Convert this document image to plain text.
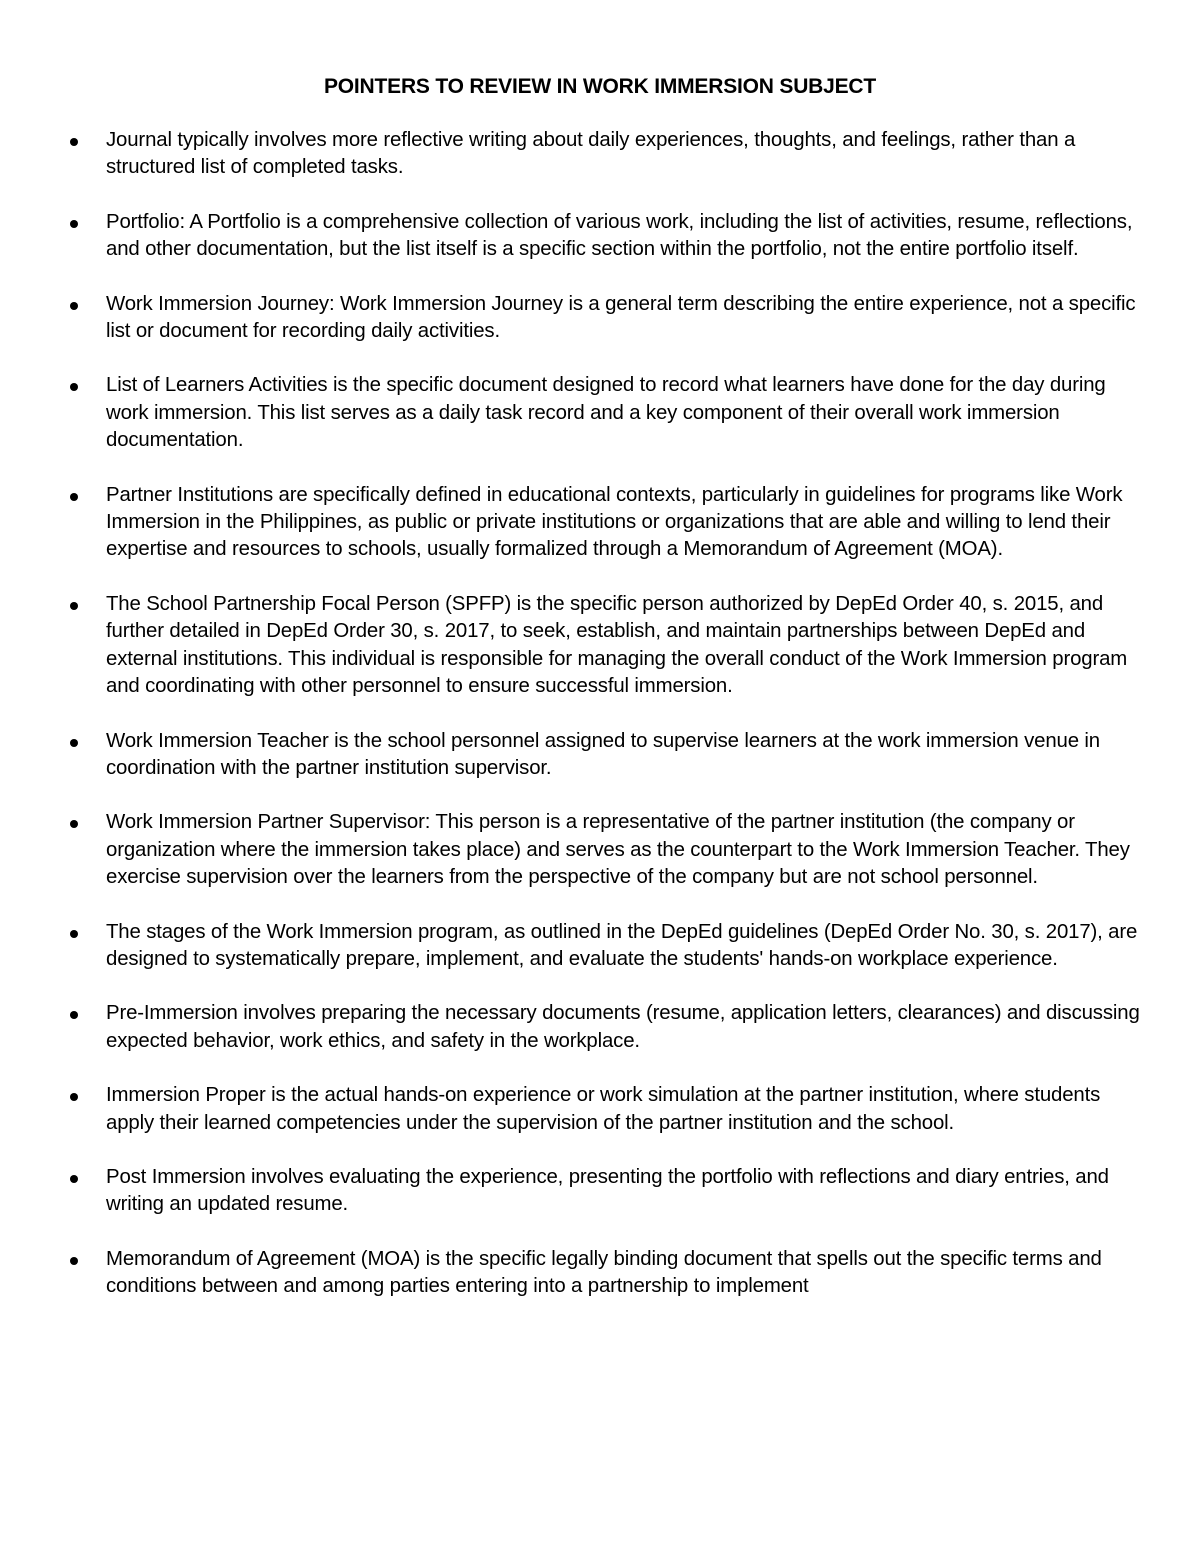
POINTERS TO REVIEW IN WORK IMMERSION SUBJECT
Journal typically involves more reflective writing about daily experiences, thoughts, and feelings, rather than a structured list of completed tasks.
Portfolio: A Portfolio is a comprehensive collection of various work, including the list of activities, resume, reflections, and other documentation, but the list itself is a specific section within the portfolio, not the entire portfolio itself.
Work Immersion Journey: Work Immersion Journey is a general term describing the entire experience, not a specific list or document for recording daily activities.
List of Learners Activities is the specific document designed to record what learners have done for the day during work immersion. This list serves as a daily task record and a key component of their overall work immersion documentation.
Partner Institutions are specifically defined in educational contexts, particularly in guidelines for programs like Work Immersion in the Philippines, as public or private institutions or organizations that are able and willing to lend their expertise and resources to schools, usually formalized through a Memorandum of Agreement (MOA).
The School Partnership Focal Person (SPFP) is the specific person authorized by DepEd Order 40, s. 2015, and further detailed in DepEd Order 30, s. 2017, to seek, establish, and maintain partnerships between DepEd and external institutions. This individual is responsible for managing the overall conduct of the Work Immersion program and coordinating with other personnel to ensure successful immersion.
Work Immersion Teacher is the school personnel assigned to supervise learners at the work immersion venue in coordination with the partner institution supervisor.
Work Immersion Partner Supervisor: This person is a representative of the partner institution (the company or organization where the immersion takes place) and serves as the counterpart to the Work Immersion Teacher. They exercise supervision over the learners from the perspective of the company but are not school personnel.
The stages of the Work Immersion program, as outlined in the DepEd guidelines (DepEd Order No. 30, s. 2017), are designed to systematically prepare, implement, and evaluate the students' hands-on workplace experience.
Pre-Immersion involves preparing the necessary documents (resume, application letters, clearances) and discussing expected behavior, work ethics, and safety in the workplace.
Immersion Proper is the actual hands-on experience or work simulation at the partner institution, where students apply their learned competencies under the supervision of the partner institution and the school.
Post Immersion involves evaluating the experience, presenting the portfolio with reflections and diary entries, and writing an updated resume.
Memorandum of Agreement (MOA) is the specific legally binding document that spells out the specific terms and conditions between and among parties entering into a partnership to implement
